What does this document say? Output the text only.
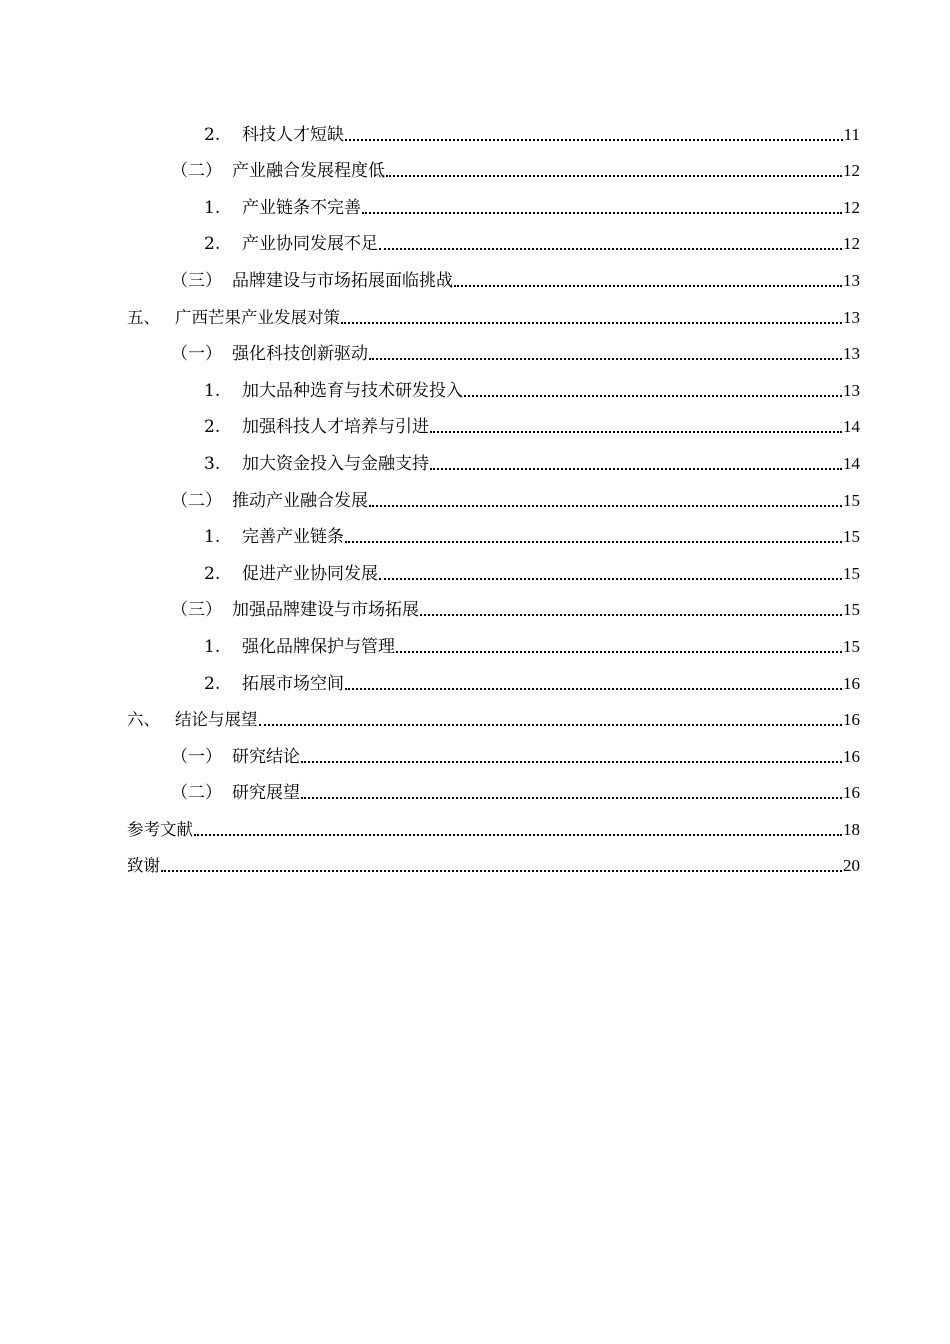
2.	科技人才短缺	11
（二） 产业融合发展程度低	12
1.	产业链条不完善	12
2.	产业协同发展不足	12
（三） 品牌建设与市场拓展面临挑战	13
五、 广西芒果产业发展对策	13
（一） 强化科技创新驱动	13
1.	加大品种选育与技术研发投入	13
2.	加强科技人才培养与引进	14
3.	加大资金投入与金融支持	14
（二） 推动产业融合发展	15
1.	完善产业链条	15
2.	促进产业协同发展	15
（三） 加强品牌建设与市场拓展	15
1.	强化品牌保护与管理	15
2.	拓展市场空间	16
六、 结论与展望	16
（一） 研究结论	16
（二） 研究展望	16
参考文献	18
致谢	20
